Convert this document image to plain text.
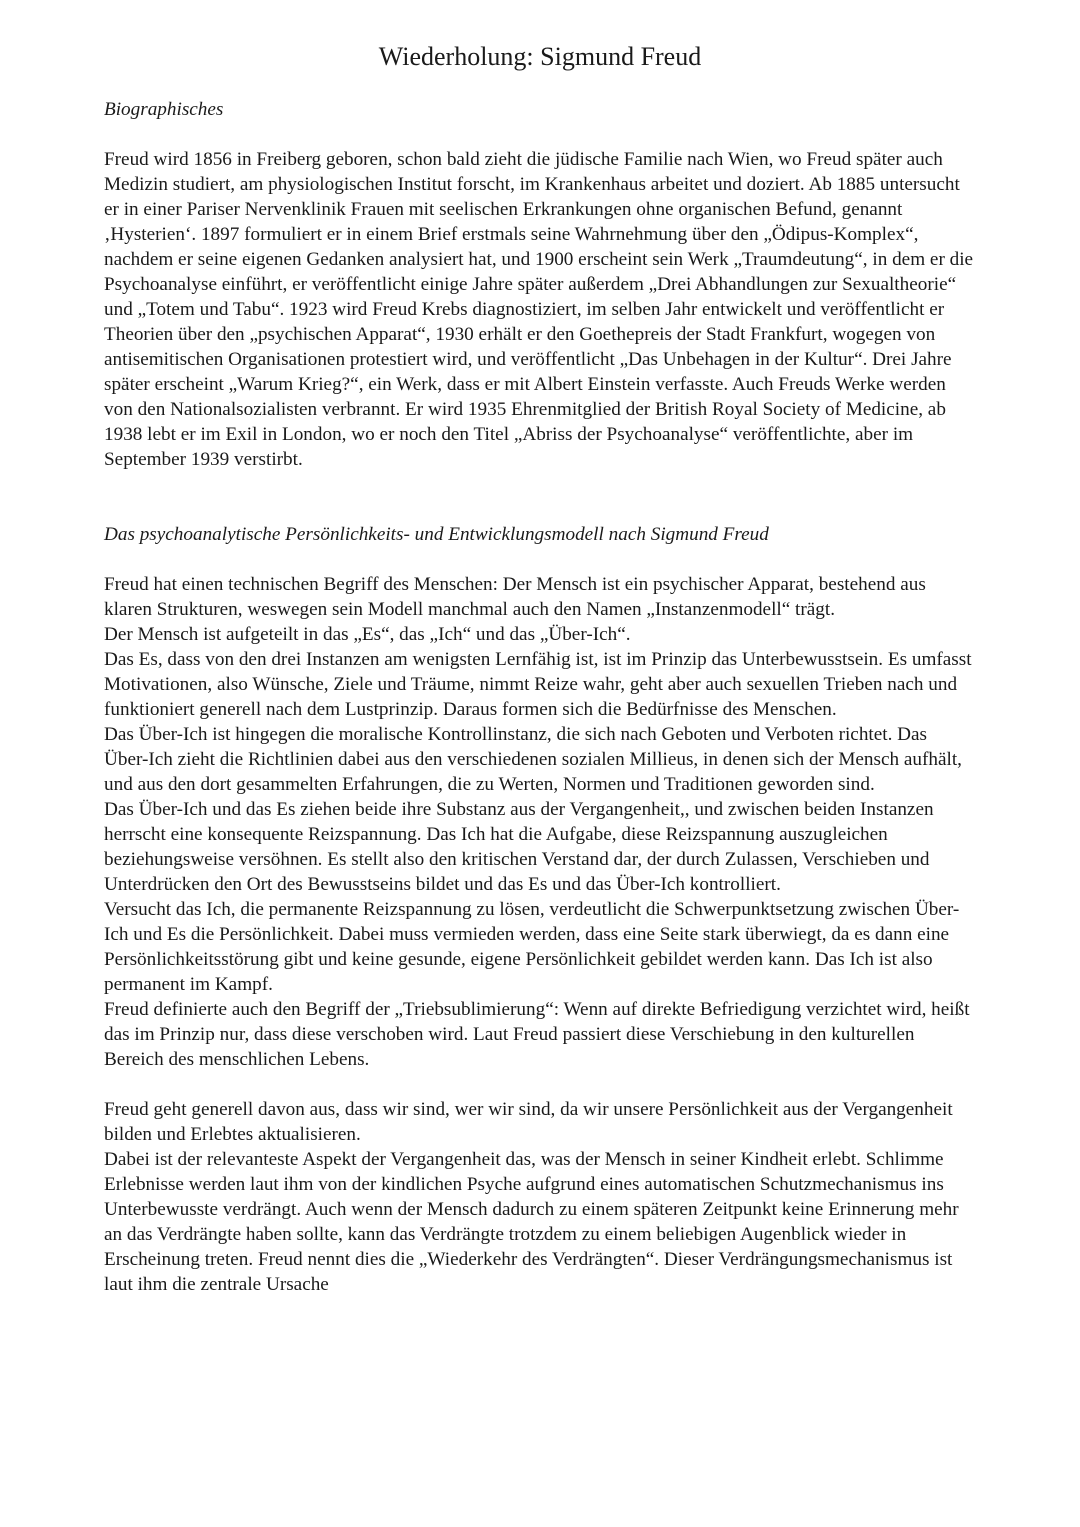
Wiederholung: Sigmund Freud
Biographisches

Freud wird 1856 in Freiberg geboren, schon bald zieht die jüdische Familie nach Wien, wo Freud später auch Medizin studiert, am physiologischen Institut forscht, im Krankenhaus arbeitet und doziert. Ab 1885 untersucht er in einer Pariser Nervenklinik Frauen mit seelischen Erkrankungen ohne organischen Befund, genannt ‚Hysterien‘. 1897 formuliert er in einem Brief erstmals seine Wahrnehmung über den „Ödipus-Komplex“, nachdem er seine eigenen Gedanken analysiert hat, und 1900 erscheint sein Werk „Traumdeutung“, in dem er die Psychoanalyse einführt, er veröffentlicht einige Jahre später außerdem „Drei Abhandlungen zur Sexualtheorie“ und „Totem und Tabu“. 1923 wird Freud Krebs diagnostiziert, im selben Jahr entwickelt und veröffentlicht er Theorien über den „psychischen Apparat“, 1930 erhält er den Goethepreis der Stadt Frankfurt, wogegen von antisemitischen Organisationen protestiert wird, und veröffentlicht „Das Unbehagen in der Kultur“. Drei Jahre später erscheint „Warum Krieg?“, ein Werk, dass er mit Albert Einstein verfasste. Auch Freuds Werke werden von den Nationalsozialisten verbrannt. Er wird 1935 Ehrenmitglied der British Royal Society of Medicine, ab 1938 lebt er im Exil in London, wo er noch den Titel „Abriss der Psychoanalyse“ veröffentlichte, aber im September 1939 verstirbt.

Das psychoanalytische Persönlichkeits- und Entwicklungsmodell nach Sigmund Freud

Freud hat einen technischen Begriff des Menschen: Der Mensch ist ein psychischer Apparat, bestehend aus klaren Strukturen, weswegen sein Modell manchmal auch den Namen „Instanzenmodell“ trägt.

Der Mensch ist aufgeteilt in das „Es“, das „Ich“ und das „Über-Ich“.

Das Es, dass von den drei Instanzen am wenigsten Lernfähig ist, ist im Prinzip das Unterbewusstsein. Es umfasst Motivationen, also Wünsche, Ziele und Träume, nimmt Reize wahr, geht aber auch sexuellen Trieben nach und funktioniert generell nach dem Lustprinzip. Daraus formen sich die Bedürfnisse des Menschen.

Das Über-Ich ist hingegen die moralische Kontrollinstanz, die sich nach Geboten und Verboten richtet. Das Über-Ich zieht die Richtlinien dabei aus den verschiedenen sozialen Millieus, in denen sich der Mensch aufhält, und aus den dort gesammelten Erfahrungen, die zu Werten, Normen und Traditionen geworden sind.

Das Über-Ich und das Es ziehen beide ihre Substanz aus der Vergangenheit,, und zwischen beiden Instanzen herrscht eine konsequente Reizspannung. Das Ich hat die Aufgabe, diese Reizspannung auszugleichen beziehungsweise versöhnen. Es stellt also den kritischen Verstand dar, der durch Zulassen, Verschieben und Unterdrücken den Ort des Bewusstseins bildet und das Es und das Über-Ich kontrolliert.

Versucht das Ich, die permanente Reizspannung zu lösen, verdeutlicht die Schwerpunktsetzung zwischen Über-Ich und Es die Persönlichkeit. Dabei muss vermieden werden, dass eine Seite stark überwiegt, da es dann eine Persönlichkeitsstörung gibt und keine gesunde, eigene Persönlichkeit gebildet werden kann. Das Ich ist also permanent im Kampf.

Freud definierte auch den Begriff der „Triebsublimierung“: Wenn auf direkte Befriedigung verzichtet wird, heißt das im Prinzip nur, dass diese verschoben wird. Laut Freud passiert diese Verschiebung in den kulturellen Bereich des menschlichen Lebens.

Freud geht generell davon aus, dass wir sind, wer wir sind, da wir unsere Persönlichkeit aus der Vergangenheit bilden und Erlebtes aktualisieren.

Dabei ist der relevanteste Aspekt der Vergangenheit das, was der Mensch in seiner Kindheit erlebt. Schlimme Erlebnisse werden laut ihm von der kindlichen Psyche aufgrund eines automatischen Schutzmechanismus ins Unterbewusste verdrängt. Auch wenn der Mensch dadurch zu einem späteren Zeitpunkt keine Erinnerung mehr an das Verdrängte haben sollte, kann das Verdrängte trotzdem zu einem beliebigen Augenblick wieder in Erscheinung treten. Freud nennt dies die „Wiederkehr des Verdrängten“. Dieser Verdrängungsmechanismus ist laut ihm die zentrale Ursache
